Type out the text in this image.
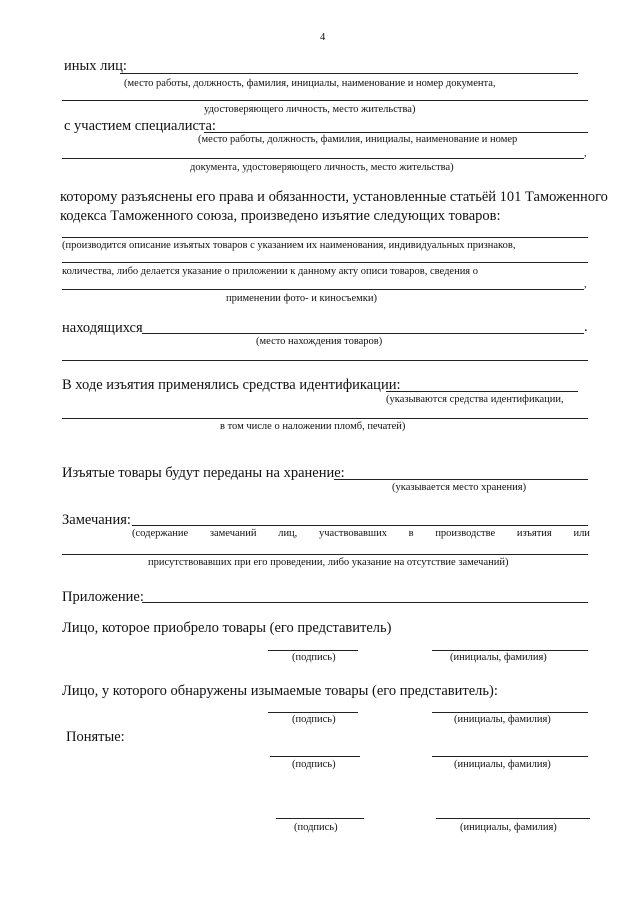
4
иных лиц:
(место работы, должность, фамилия, инициалы, наименование и номер документа,
удостоверяющего личность, место жительства)
с участием специалиста:
(место работы, должность, фамилия, инициалы, наименование и номер
,
документа, удостоверяющего личность, место жительства)
которому разъяснены его права и обязанности, установленные статьёй 101 Таможенного
кодекса Таможенного союза, произведено изъятие следующих товаров:
(производится описание изъятых товаров с указанием их наименования, индивидуальных признаков,
количества, либо делается указание о приложении к данному акту описи товаров, сведения о
,
применении фото- и киносъемки)
находящихся	.
(место нахождения товаров)
В ходе изъятия применялись средства идентификации:
(указываются средства идентификации,
в том числе о наложении пломб, печатей)
Изъятые товары будут переданы на хранение:
(указывается место хранения)
Замечания:
(содержание замечаний лиц, участвовавших в производстве изъятия или
присутствовавших при его проведении, либо указание на отсутствие замечаний)
Приложение:
Лицо, которое приобрело товары (его представитель)
(подпись)	(инициалы, фамилия)
Лицо, у которого обнаружены изымаемые товары (его представитель):
(подпись)	(инициалы, фамилия)
Понятые:
(подпись)	(инициалы, фамилия)
(подпись)	(инициалы, фамилия)
